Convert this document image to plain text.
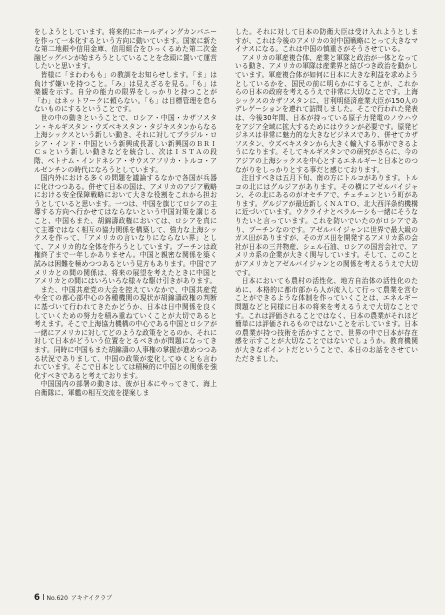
をしようとしています。将来的にホールディングカンパニーを作って一本化するという方向に動いています。国家に新たな第二地銀や信用金庫、信用組合をひっくるめた第二次金融ビッグバンが始まろうとしていることを念頭に置いて運営したいと思います。

皆様に「まわわもも」の教訓をお知らせします。「ま」は負けず嫌いを持つこと。「み」は見えざるを見る。「も」は楽観を示す。自分の能力の限界をしっかりと持つことが「わ」はネットワークに頼らない。「も」は目標管理を怠らないものにするということです。

世の中の動きということで、ロシア・中国・カザフスタン・キルギスタン・ウズベキスタン・タジキスタンからなる上海シックスという新しい動き、それに対してブラジル・ロシア・インド・中国という新興成長著しい新興国のＢＲＩＣｓという新しい動きなどを統合し、次はＩＳＴＡの段階、ベトナム・インドネシア・サウスアフリカ・トルコ・アルゼンチンの時代になろうとしています。

国内外における多くの問題を議論するなかで各国が兵器に化けつつある。併せて日本の国は、アメリカのアジア戦略における安全保障戦略において大きな役割をこれから担おうとしていると思います。一つは、中国を旗じてロシアの主導する方向へ行かせてはならないという中国対策を講じること、中国もまた、胡錦濤政権においては、ロシアを真にて主導ではなく相互の協力関係を構築して、強力な上海シックスを作って、「アメリカの言いなりにならない界」として、アメリカ的な全体を作ろうとしています。プーチンは政権終了まで一年しかありません。中国と親密な関係を築く試みは困難を極めつつあるという見方もあります。中国でアメリカとの間の関係は、将来の展望を考えたときに中国とアメリカとの間にはいろいろな様々な駆け引きがあります。

また、中国共産党の大会を控えていなかで、中国共産党や全ての都心部中心の各種機関の現状が胡錦濤政権の判断に基づいて行われてきたかどうか、日本は日中関係を良くしていくための努力を積み重ねていくことが大切であると考えます。そこで上海協力機構の中心である中国とロシアが一緒にアメリカに対してどのような政策をとるのか、それに対して日本がどういう位置をとるべきかが問題になってきます。同時に中国もまた胡錦濤の人事権の掌握が進めつつある状況でありまして、中国の政策が変化してゆくとも言われています。そこで日本としては積極的に中国との関係を強化すべきであると考えております。

中国国内の部署の動きは、彼が日本にやってきて、海上自衛隊に、軍艦の相互交流を提案しま

した。それに対して日本の防衛大臣は受け入れようとしますが、これは今後のアメリカの対中国戦略にとって大きなマイナスになる。これは中国の慎重さがそうさせている。

アメリカの軍産複合体、産業と軍隊と政治が一体となっている動き、アメリカの軍隊は産業界と結びつき政治を動かしています。軍産複合体が如何に日本に大きな利益を求めようとしているかを、国民の前に明らかにすることが、これからの日本の政府を考えるうえで非常に大切なことです。上海シックスのカザフスタンに、甘利明経済産業大臣が150人のデレゲーションを連れて訪問しました。そこで行われた発表は、今後30年間、日本が持っている原子力発電のノウハウをアジア全域に拡大するためにはウランが必要です。原発ビジネスは非常に魅力的な大きなビジネスであり、併せてカザフスタン、ウズベキスタンから大きく輸入する事ができるようになります。そしてキルギスタンでの研究がさらに、今のアジアの上海シックスを中心とするエネルギーと日本とのつながりをしっかりとする事だと感じております。

注目すべきは五月下旬、南の方にトルコがあります。トルコの北にはグルジアがあります。その横にアゼルバイジャン、その北にあるのがオセチアで、チェチェンという町があります。グルジアが最近新しくＮＡＴＯ、北大西洋条約機構に近づいています。ウクライナとベラルーシも一緒にそうなりたいと言っています。これを防いでいたのがロシアであり、プーチンなのです。アゼルバイジャンに世界で最大級のガス田がありますが、そのガス田を開発するアメリカ系の会社が日本の三井物産、シェル石油、ロシアの国営会社で、アメリカ系の企業が大きく関与しています。そして、このことがアメリカとアゼルバイジャンとの関係を考えるうえで大切です。

日本においても農村の活性化、地方自治体の活性化のために、本格的に都市部から人が流入して行って農業を営むことができるような体制を作っていくことは、エネルギー問題などと同様に日本の将来を考えるうえで大切なことです。これは評価されることではなく、日本の農業がそれほど簡単には評価されるものではないことを示しています。日本の農業が持つ技術を活かすことで、世界の中で日本が存在感を示すことが大切なことではないでしょうか。教育機関が大きなポイントだということで、本日のお話をさせていただきました。

6 No.620 アキナイクラブ
